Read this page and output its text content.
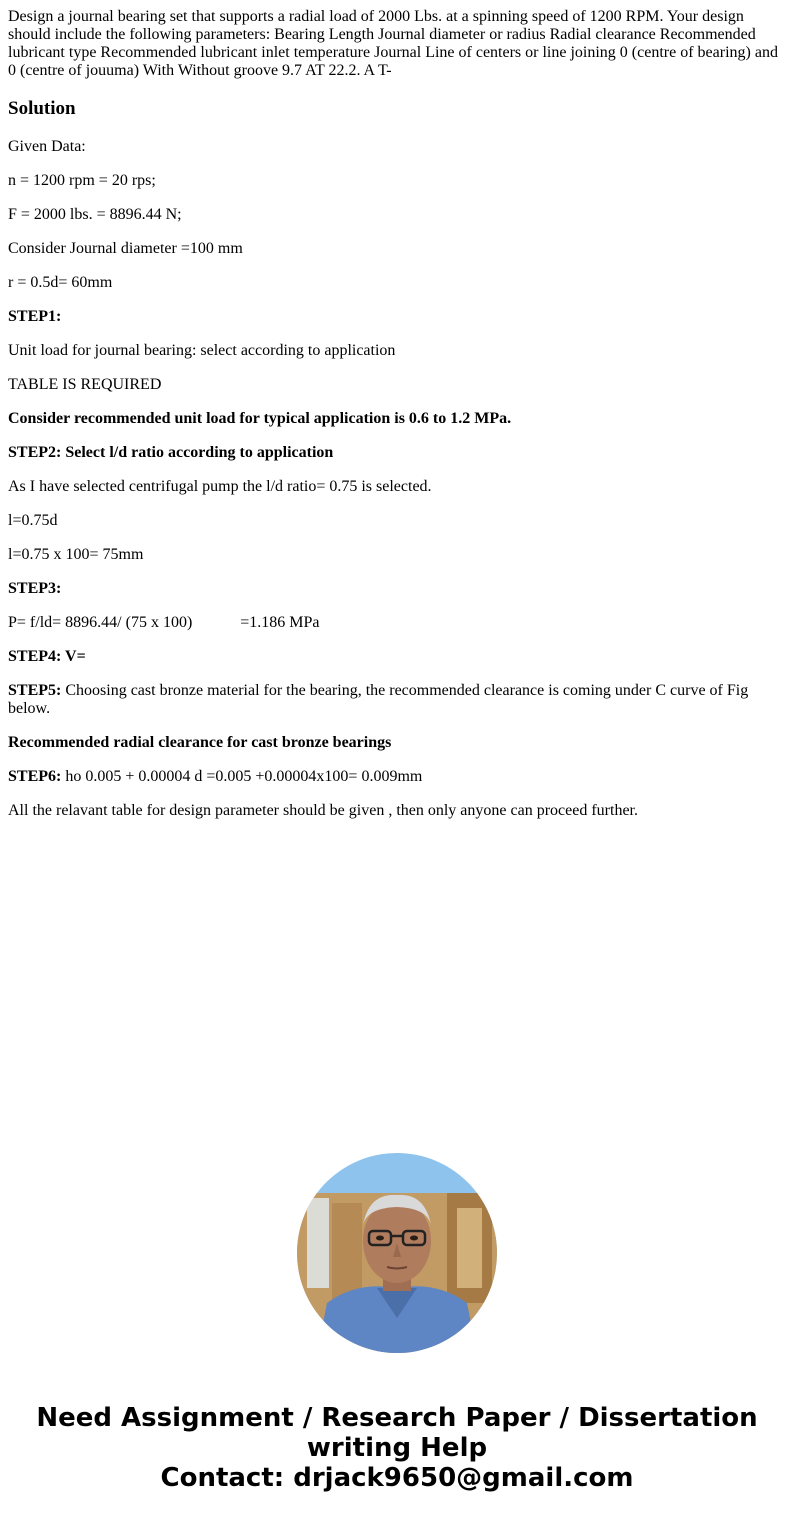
Design a journal bearing set that supports a radial load of 2000 Lbs. at a spinning speed of 1200 RPM. Your design should include the following parameters: Bearing Length Journal diameter or radius Radial clearance Recommended lubricant type Recommended lubricant inlet temperature Journal Line of centers or line joining 0 (centre of bearing) and 0 (centre of jouuma) With Without groove 9.7 AT 22.2. A T-

Solution

Given Data:

n = 1200 rpm = 20 rps;

F = 2000 lbs. = 8896.44 N;

Consider Journal diameter =100 mm

r = 0.5d= 60mm

STEP1:

Unit load for journal bearing: select according to application

TABLE IS REQUIRED

Consider recommended unit load for typical application is 0.6 to 1.2 MPa.

STEP2: Select l/d ratio according to application

As I have selected centrifugal pump the l/d ratio= 0.75 is selected.

l=0.75d

l=0.75 x 100= 75mm

STEP3:

P= f/ld= 8896.44/ (75 x 100)	=1.186 MPa

STEP4: V=

STEP5: Choosing cast bronze material for the bearing, the recommended clearance is coming under C curve of Fig below.

Recommended radial clearance for cast bronze bearings

STEP6: ho 0.005 + 0.00004 d =0.005 +0.00004x100= 0.009mm

All the relavant table for design parameter should be given , then only anyone can proceed further.

Need Assignment / Research Paper / Dissertation
writing Help
Contact: drjack9650@gmail.com
